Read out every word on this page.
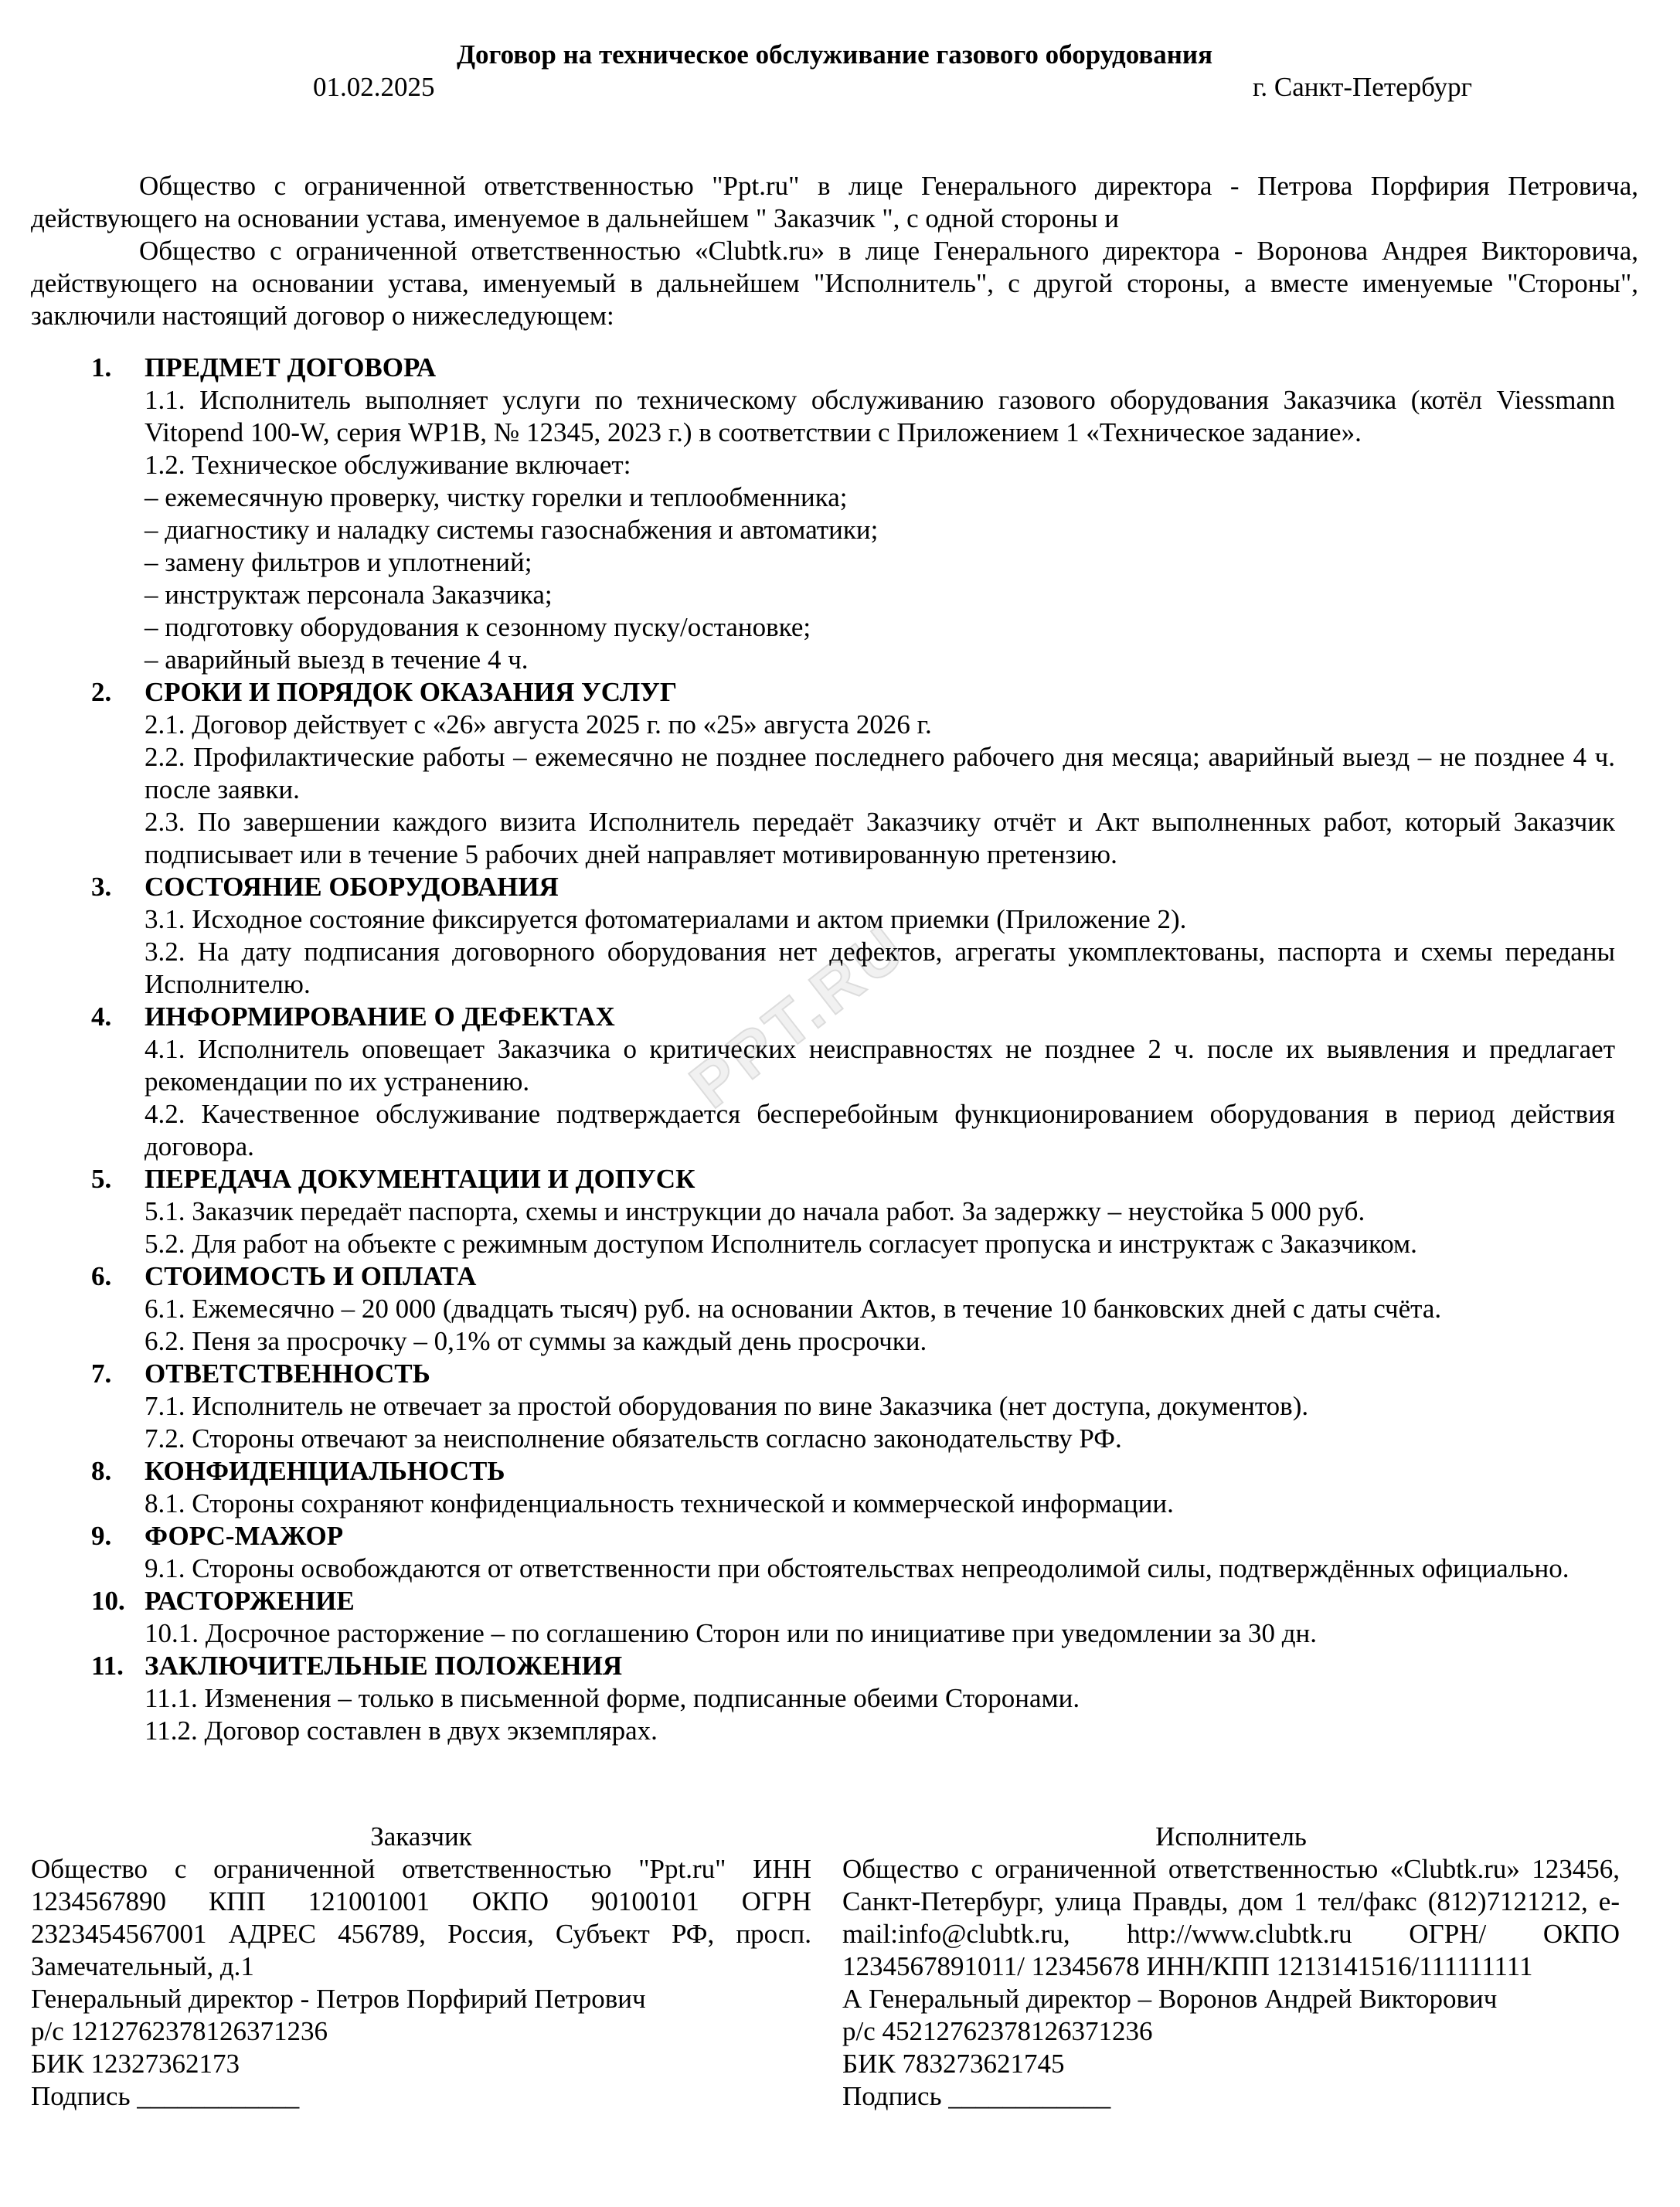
PPT.RU
Договор на техническое обслуживание газового оборудования
01.02.2025	г. Санкт-Петербург

Общество с ограниченной ответственностью "Ppt.ru" в лице Генерального директора - Петрова Порфирия Петровича, действующего на основании устава, именуемое в дальнейшем " Заказчик ", с одной стороны и

Общество с ограниченной ответственностью «Clubtk.ru» в лице Генерального директора - Воронова Андрея Викторовича, действующего на основании устава, именуемый в дальнейшем "Исполнитель", с другой стороны, а вместе именуемые "Стороны", заключили настоящий договор о нижеследующем:

1.	ПРЕДМЕТ ДОГОВОРА

1.1. Исполнитель выполняет услуги по техническому обслуживанию газового оборудования Заказчика (котёл Viessmann Vitopend 100-W, серия WP1B, № 12345, 2023 г.) в соответствии с Приложением 1 «Техническое задание».

1.2. Техническое обслуживание включает:

– ежемесячную проверку, чистку горелки и теплообменника;

– диагностику и наладку системы газоснабжения и автоматики;

– замену фильтров и уплотнений;

– инструктаж персонала Заказчика;

– подготовку оборудования к сезонному пуску/остановке;

– аварийный выезд в течение 4 ч.

2.	СРОКИ И ПОРЯДОК ОКАЗАНИЯ УСЛУГ

2.1. Договор действует с «26» августа 2025 г. по «25» августа 2026 г.

2.2. Профилактические работы – ежемесячно не позднее последнего рабочего дня месяца; аварийный выезд – не позднее 4 ч. после заявки.

2.3. По завершении каждого визита Исполнитель передаёт Заказчику отчёт и Акт выполненных работ, который Заказчик подписывает или в течение 5 рабочих дней направляет мотивированную претензию.

3.	СОСТОЯНИЕ ОБОРУДОВАНИЯ

3.1. Исходное состояние фиксируется фотоматериалами и актом приемки (Приложение 2).

3.2. На дату подписания договорного оборудования нет дефектов, агрегаты укомплектованы, паспорта и схемы переданы Исполнителю.

4.	ИНФОРМИРОВАНИЕ О ДЕФЕКТАХ

4.1. Исполнитель оповещает Заказчика о критических неисправностях не позднее 2 ч. после их выявления и предлагает рекомендации по их устранению.

4.2. Качественное обслуживание подтверждается бесперебойным функционированием оборудования в период действия договора.

5.	ПЕРЕДАЧА ДОКУМЕНТАЦИИ И ДОПУСК

5.1. Заказчик передаёт паспорта, схемы и инструкции до начала работ. За задержку – неустойка 5 000 руб.

5.2. Для работ на объекте с режимным доступом Исполнитель согласует пропуска и инструктаж с Заказчиком.

6.	СТОИМОСТЬ И ОПЛАТА

6.1. Ежемесячно – 20 000 (двадцать тысяч) руб. на основании Актов, в течение 10 банковских дней с даты счёта.

6.2. Пеня за просрочку – 0,1% от суммы за каждый день просрочки.

7.	ОТВЕТСТВЕННОСТЬ

7.1. Исполнитель не отвечает за простой оборудования по вине Заказчика (нет доступа, документов).

7.2. Стороны отвечают за неисполнение обязательств согласно законодательству РФ.

8.	КОНФИДЕНЦИАЛЬНОСТЬ

8.1. Стороны сохраняют конфиденциальность технической и коммерческой информации.

9.	ФОРС-МАЖОР

9.1. Стороны освобождаются от ответственности при обстоятельствах непреодолимой силы, подтверждённых официально.

10. РАСТОРЖЕНИЕ

10.1. Досрочное расторжение – по соглашению Сторон или по инициативе при уведомлении за 30 дн.

11. ЗАКЛЮЧИТЕЛЬНЫЕ ПОЛОЖЕНИЯ

11.1. Изменения – только в письменной форме, подписанные обеими Сторонами.

11.2. Договор составлен в двух экземплярах.

Заказчик

Общество с ограниченной ответственностью "Ppt.ru" ИНН 1234567890 КПП 121001001 ОКПО 90100101 ОГРН 2323454567001 АДРЕС 456789, Россия, Субъект РФ, просп. Замечательный, д.1

Генеральный директор - Петров Порфирий Петрович

р/с 1212762378126371236

БИК 12327362173

Подпись ____________

Исполнитель

Общество с ограниченной ответственностью «Clubtk.ru» 123456, Санкт-Петербург, улица Правды, дом 1 тел/факс (812)7121212, e-mail:info@clubtk.ru, http://www.clubtk.ru ОГРН/ ОКПО 1234567891011/ 12345678 ИНН/КПП 1213141516/111111111

А Генеральный директор – Воронов Андрей Викторович

р/с 45212762378126371236

БИК 783273621745

Подпись ____________
